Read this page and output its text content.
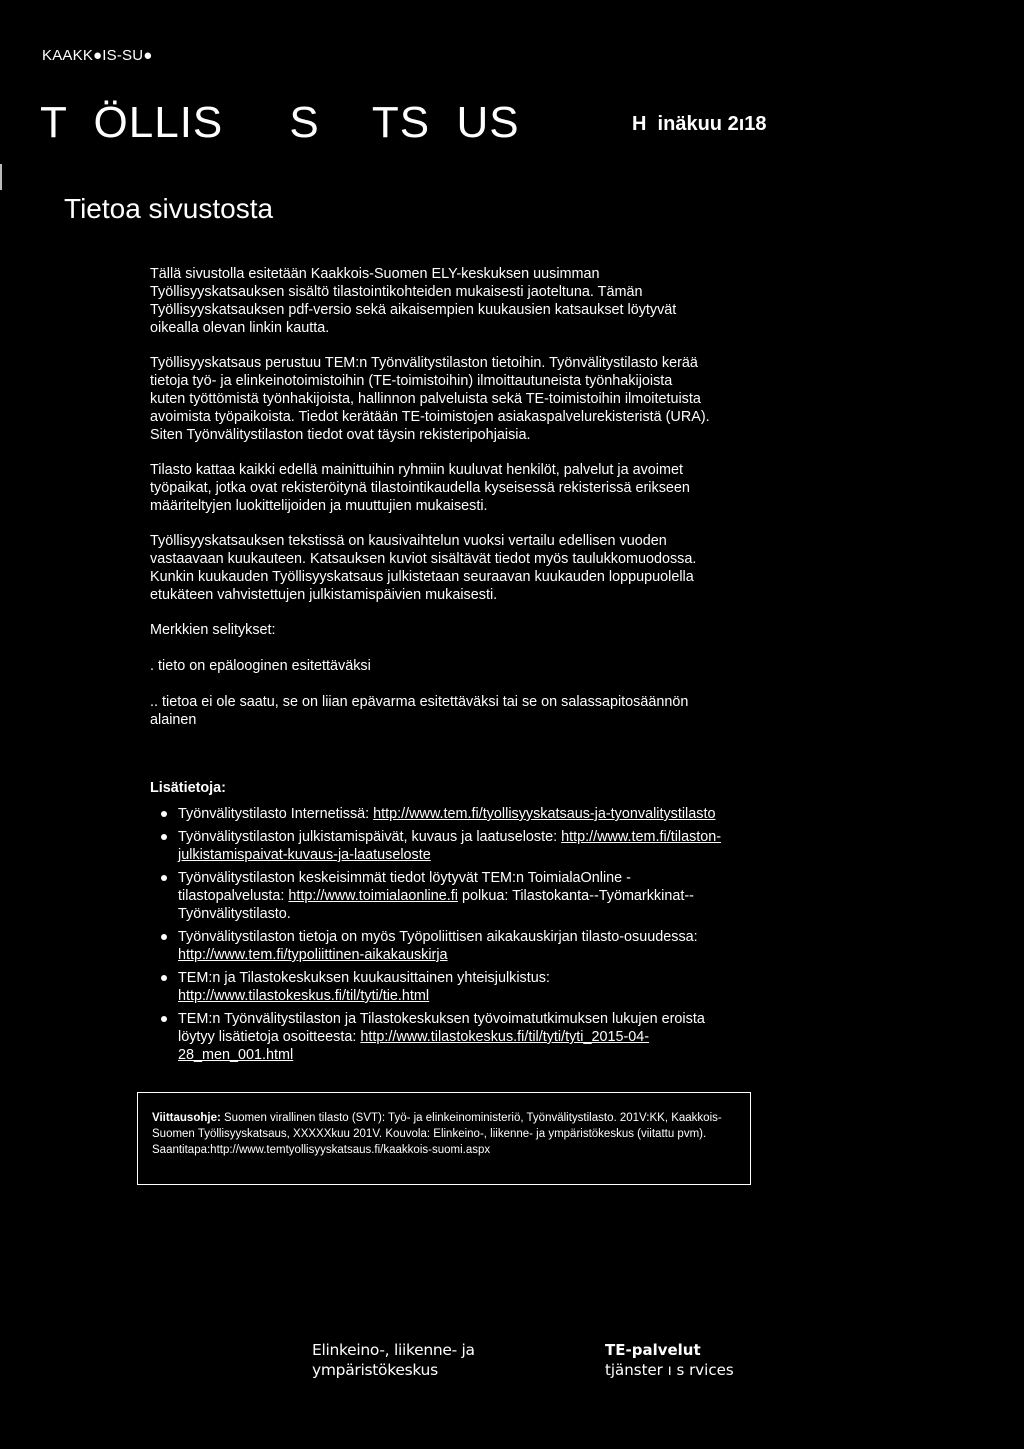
KAAKK●IS-SU●
T  ÖLLIS     S    TS  US	H  inäkuu 2ı18
Tietoa sivustosta

Tällä sivustolla esitetään Kaakkois-Suomen ELY-keskuksen uusimman Työllisyyskatsauksen sisältö tilastointikohteiden mukaisesti jaoteltuna. Tämän Työllisyyskatsauksen pdf-versio sekä aikaisempien kuukausien katsaukset löytyvät oikealla olevan linkin kautta.

Työllisyyskatsaus perustuu TEM:n Työnvälitystilaston tietoihin. Työnvälitystilasto kerää tietoja työ- ja elinkeinotoimistoihin (TE-toimistoihin) ilmoittautuneista työnhakijoista kuten työttömistä työnhakijoista, hallinnon palveluista sekä TE-toimistoihin ilmoitetuista avoimista työpaikoista. Tiedot kerätään TE-toimistojen asiakaspalvelurekisteristä (URA). Siten Työnvälitystilaston tiedot ovat täysin rekisteripohjaisia.

Tilasto kattaa kaikki edellä mainittuihin ryhmiin kuuluvat henkilöt, palvelut ja avoimet työpaikat, jotka ovat rekisteröitynä tilastointikaudella kyseisessä rekisterissä erikseen määriteltyjen luokittelijoiden ja muuttujien mukaisesti.

Työllisyyskatsauksen tekstissä on kausivaihtelun vuoksi vertailu edellisen vuoden vastaavaan kuukauteen. Katsauksen kuviot sisältävät tiedot myös taulukkomuodossa. Kunkin kuukauden Työllisyyskatsaus julkistetaan seuraavan kuukauden loppupuolella etukäteen vahvistettujen julkistamispäivien mukaisesti.

Merkkien selitykset:

. tieto on epälooginen esitettäväksi

.. tietoa ei ole saatu, se on liian epävarma esitettäväksi tai se on salassapitosäännön alainen

Lisätietoja:

Työnvälitystilasto Internetissä: http://www.tem.fi/tyollisyyskatsaus-ja-tyonvalitystilasto
Työnvälitystilaston julkistamispäivät, kuvaus ja laatuseloste: http://www.tem.fi/tilaston-julkistamispaivat-kuvaus-ja-laatuseloste
Työnvälitystilaston keskeisimmät tiedot löytyvät TEM:n ToimialaOnline - tilastopalvelusta: http://www.toimialaonline.fi polkua: Tilastokanta--Työmarkkinat--Työnvälitystilasto.
Työnvälitystilaston tietoja on myös Työpoliittisen aikakauskirjan tilasto-osuudessa: http://www.tem.fi/typoliittinen-aikakauskirja
TEM:n ja Tilastokeskuksen kuukausittainen yhteisjulkistus: http://www.tilastokeskus.fi/til/tyti/tie.html
TEM:n Työnvälitystilaston ja Tilastokeskuksen työvoimatutkimuksen lukujen eroista löytyy lisätietoja osoitteesta: http://www.tilastokeskus.fi/til/tyti/tyti_2015-04-28_men_001.html
Viittausohje: Suomen virallinen tilasto (SVT): Työ- ja elinkeinoministeriö, Työnvälitystilasto. 201V:KK, Kaakkois-Suomen Työllisyyskatsaus, XXXXXkuu 201V. Kouvola: Elinkeino-, liikenne- ja ympäristökeskus (viitattu pvm). Saantitapa:http://www.temtyollisyyskatsaus.fi/kaakkois-suomi.aspx
Elinkeino-, liikenne- ja
ympäristökeskus
TE-palvelut
tjänster ı s rvices
